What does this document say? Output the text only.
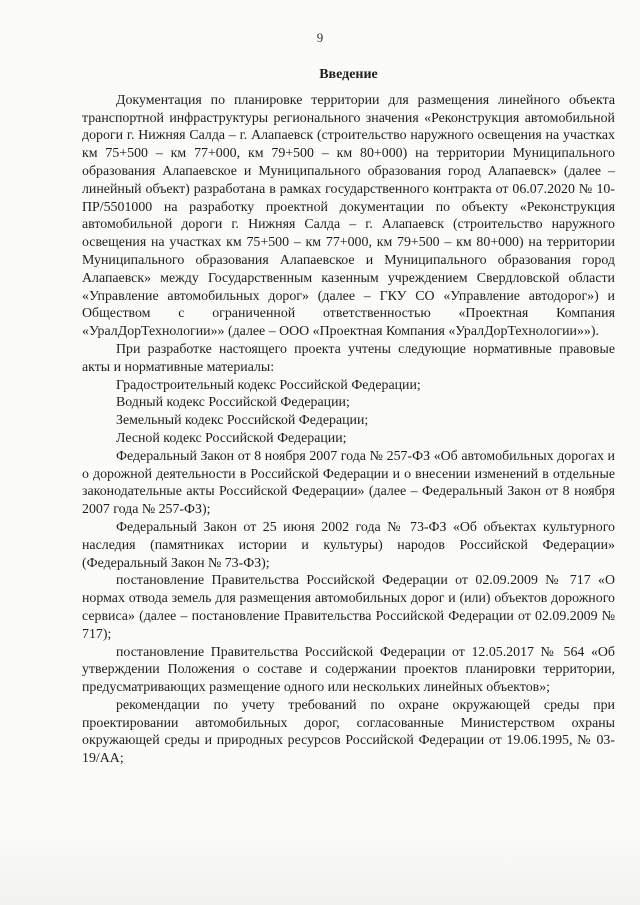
9

Введение

Документация по планировке территории для размещения линейного объекта транспортной инфраструктуры регионального значения «Реконструкция автомобильной дороги г. Нижняя Салда – г. Алапаевск (строительство наружного освещения на участках км 75+500 – км 77+000, км 79+500 – км 80+000) на территории Муниципального образования Алапаевское и Муниципального образования город Алапаевск» (далее – линейный объект) разработана в рамках государственного контракта от 06.07.2020 № 10-ПР/5501000 на разработку проектной документации по объекту «Реконструкция автомобильной дороги г. Нижняя Салда – г. Алапаевск (строительство наружного освещения на участках км 75+500 – км 77+000, км 79+500 – км 80+000) на территории Муниципального образования Алапаевское и Муниципального образования город Алапаевск» между Государственным казенным учреждением Свердловской области «Управление автомобильных дорог» (далее – ГКУ СО «Управление автодорог») и Обществом с ограниченной ответственностью «Проектная Компания «УралДорТехнологии»» (далее – ООО «Проектная Компания «УралДорТехнологии»»).

При разработке настоящего проекта учтены следующие нормативные правовые акты и нормативные материалы:

Градостроительный кодекс Российской Федерации;

Водный кодекс Российской Федерации;

Земельный кодекс Российской Федерации;

Лесной кодекс Российской Федерации;

Федеральный Закон от 8 ноября 2007 года № 257-ФЗ «Об автомобильных дорогах и о дорожной деятельности в Российской Федерации и о внесении изменений в отдельные законодательные акты Российской Федерации» (далее – Федеральный Закон от 8 ноября 2007 года № 257-ФЗ);

Федеральный Закон от 25 июня 2002 года № 73-ФЗ «Об объектах культурного наследия (памятниках истории и культуры) народов Российской Федерации» (Федеральный Закон № 73-ФЗ);

постановление Правительства Российской Федерации от 02.09.2009 № 717 «О нормах отвода земель для размещения автомобильных дорог и (или) объектов дорожного сервиса» (далее – постановление Правительства Российской Федерации от 02.09.2009 № 717);

постановление Правительства Российской Федерации от 12.05.2017 № 564 «Об утверждении Положения о составе и содержании проектов планировки территории, предусматривающих размещение одного или нескольких линейных объектов»;

рекомендации по учету требований по охране окружающей среды при проектировании автомобильных дорог, согласованные Министерством охраны окружающей среды и природных ресурсов Российской Федерации от 19.06.1995, № 03-19/АА;
